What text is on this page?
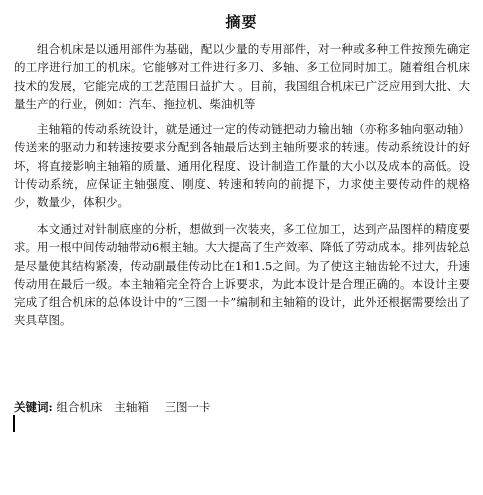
摘要

组合机床是以通用部件为基础，配以少量的专用部件，对一种或多种工件按预先确定的工序进行加工的机床。它能够对工件进行多刀、多轴、多工位同时加工。随着组合机床技术的发展，它能完成的工艺范围日益扩大 。目前，我国组合机床已广泛应用到大批、大量生产的行业，例如：汽车、拖拉机、柴油机等

主轴箱的传动系统设计，就是通过一定的传动链把动力输出轴（亦称多轴向驱动轴）传送来的驱动力和转速按要求分配到各轴最后达到主轴所要求的转速。传动系统设计的好坏，将直接影响主轴箱的质量、通用化程度、设计制造工作量的大小以及成本的高低。设计传动系统，应保证主轴强度、刚度、转速和转向的前提下，力求使主要传动件的规格少，数量少，体积少。

本文通过对针制底座的分析，想做到一次装夹，多工位加工，达到产品图样的精度要求。用一根中间传动轴带动6根主轴。大大提高了生产效率、降低了劳动成本。排列齿轮总是尽量使其结构紧凑，传动副最佳传动比在1和1.5之间。为了使这主轴齿轮不过大，升速传动用在最后一级。本主轴箱完全符合上诉要求，为此本设计是合理正确的。本设计主要完成了组合机床的总体设计中的“三图一卡”编制和主轴箱的设计，此外还根据需要绘出了夹具草图。

关键词: 组合机床 主轴箱 三图一卡
